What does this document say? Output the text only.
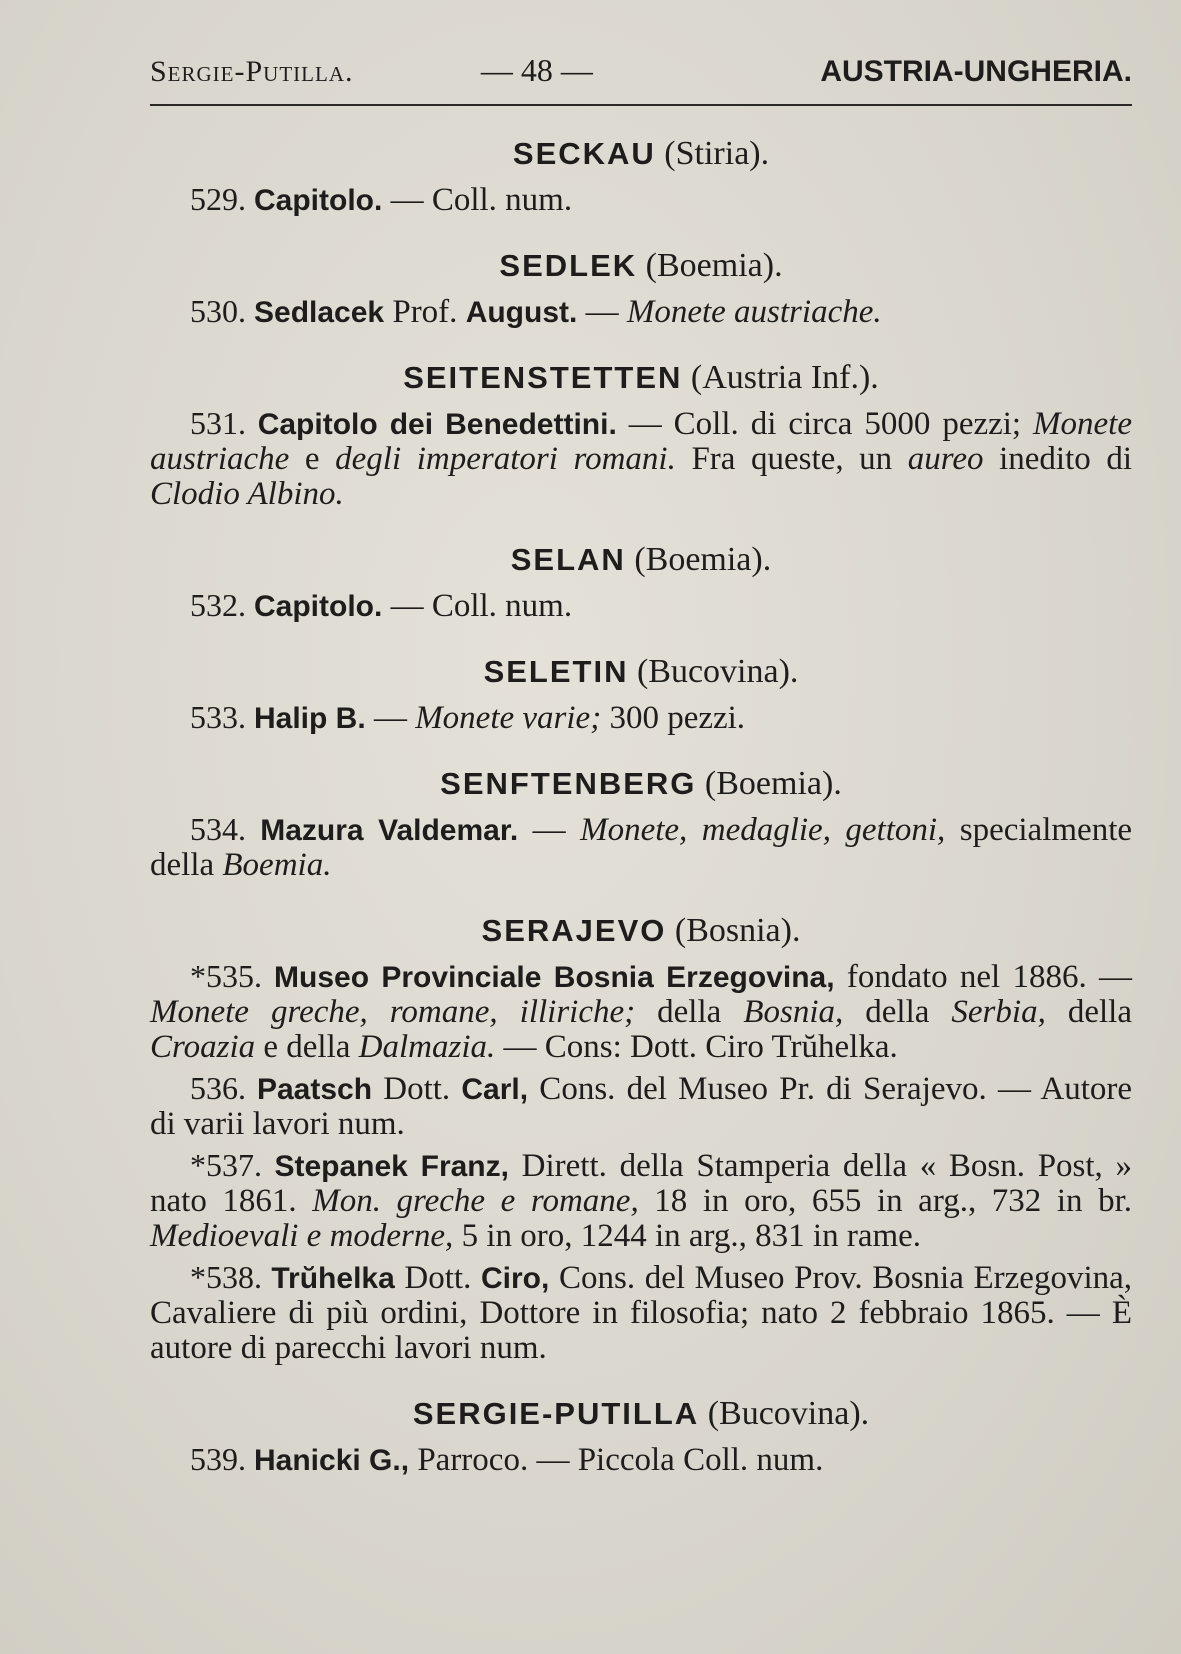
Sergie-Putilla.	— 48 —	AUSTRIA-UNGHERIA.
SECKAU (Stiria).

529. Capitolo. — Coll. num.

SEDLEK (Boemia).

530. Sedlacek Prof. August. — Monete austriache.

SEITENSTETTEN (Austria Inf.).

531. Capitolo dei Benedettini. — Coll. di circa 5000 pezzi; Monete austriache e degli imperatori romani. Fra queste, un aureo inedito di Clodio Albino.

SELAN (Boemia).

532. Capitolo. — Coll. num.

SELETIN (Bucovina).

533. Halip B. — Monete varie; 300 pezzi.

SENFTENBERG (Boemia).

534. Mazura Valdemar. — Monete, medaglie, gettoni, specialmente della Boemia.

SERAJEVO (Bosnia).

*535. Museo Provinciale Bosnia Erzegovina, fondato nel 1886. — Monete greche, romane, illiriche; della Bosnia, della Serbia, della Croazia e della Dalmazia. — Cons: Dott. Ciro Trŭhelka.

536. Paatsch Dott. Carl, Cons. del Museo Pr. di Serajevo. — Autore di varii lavori num.

*537. Stepanek Franz, Dirett. della Stamperia della « Bosn. Post, » nato 1861. Mon. greche e romane, 18 in oro, 655 in arg., 732 in br. Medioevali e moderne, 5 in oro, 1244 in arg., 831 in rame.

*538. Trŭhelka Dott. Ciro, Cons. del Museo Prov. Bosnia Erzegovina, Cavaliere di più ordini, Dottore in filosofia; nato 2 febbraio 1865. — È autore di parecchi lavori num.

SERGIE-PUTILLA (Bucovina).

539. Hanicki G., Parroco. — Piccola Coll. num.
